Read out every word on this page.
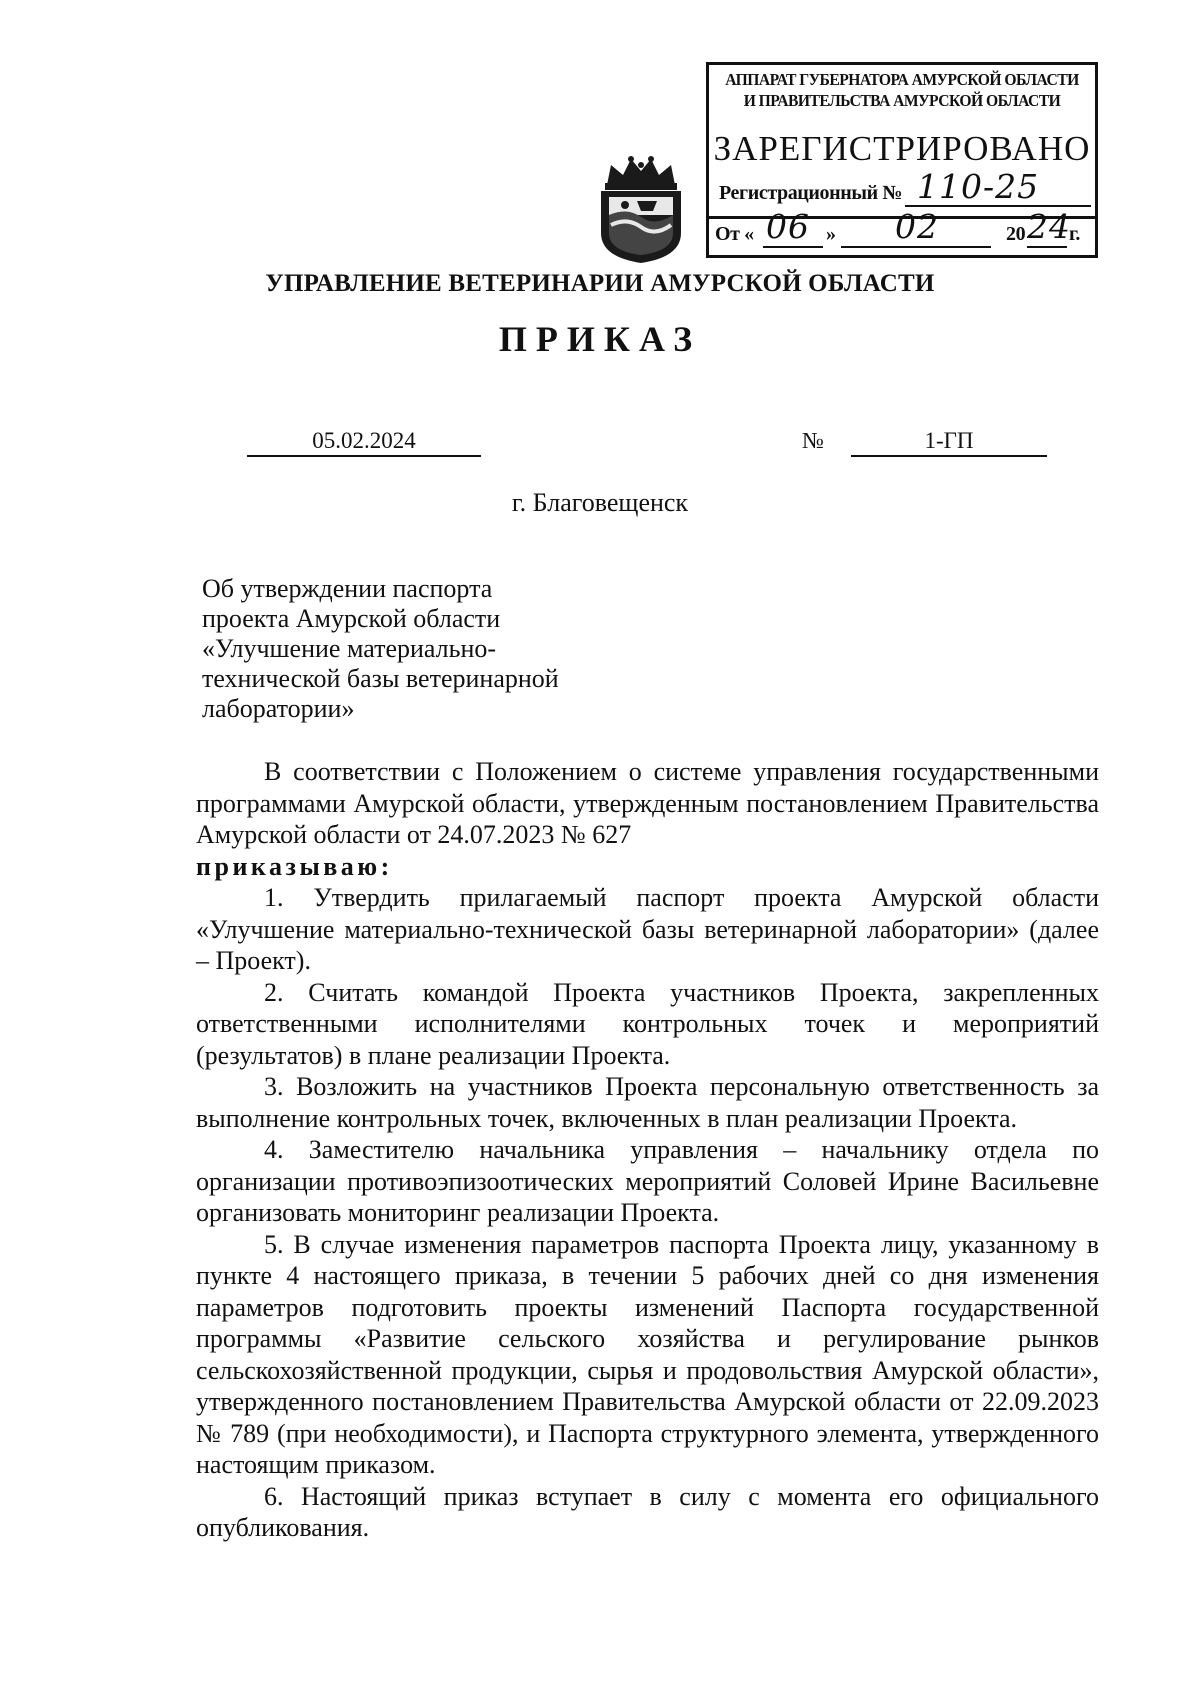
АППАРАТ ГУБЕРНАТОРА АМУРСКОЙ ОБЛАСТИ
И ПРАВИТЕЛЬСТВА АМУРСКОЙ ОБЛАСТИ
ЗАРЕГИСТРИРОВАНО
Регистрационный № 110-25
От « 06 » 02	20 24
г.
УПРАВЛЕНИЕ ВЕТЕРИНАРИИ АМУРСКОЙ ОБЛАСТИ
ПРИКАЗ
05.02.2024	№	1-ГП
г. Благовещенск
Об утверждении паспорта
проекта Амурской области
«Улучшение материально-
технической базы ветеринарной
лаборатории»

В соответствии с Положением о системе управления государственными программами Амурской области, утвержденным постановлением Правительства Амурской области от 24.07.2023 № 627

приказываю:

1. Утвердить прилагаемый паспорт проекта Амурской области «Улучшение материально-технической базы ветеринарной лаборатории» (далее – Проект).

2. Считать командой Проекта участников Проекта, закрепленных ответственными исполнителями контрольных точек и мероприятий (результатов) в плане реализации Проекта.

3. Возложить на участников Проекта персональную ответственность за выполнение контрольных точек, включенных в план реализации Проекта.

4. Заместителю начальника управления – начальнику отдела по организации противоэпизоотических мероприятий Соловей Ирине Васильевне организовать мониторинг реализации Проекта.

5. В случае изменения параметров паспорта Проекта лицу, указанному в пункте 4 настоящего приказа, в течении 5 рабочих дней со дня изменения параметров подготовить проекты изменений Паспорта государственной программы «Развитие сельского хозяйства и регулирование рынков сельскохозяйственной продукции, сырья и продовольствия Амурской области», утвержденного постановлением Правительства Амурской области от 22.09.2023 № 789 (при необходимости), и Паспорта структурного элемента, утвержденного настоящим приказом.

6. Настоящий приказ вступает в силу с момента его официального опубликования.
